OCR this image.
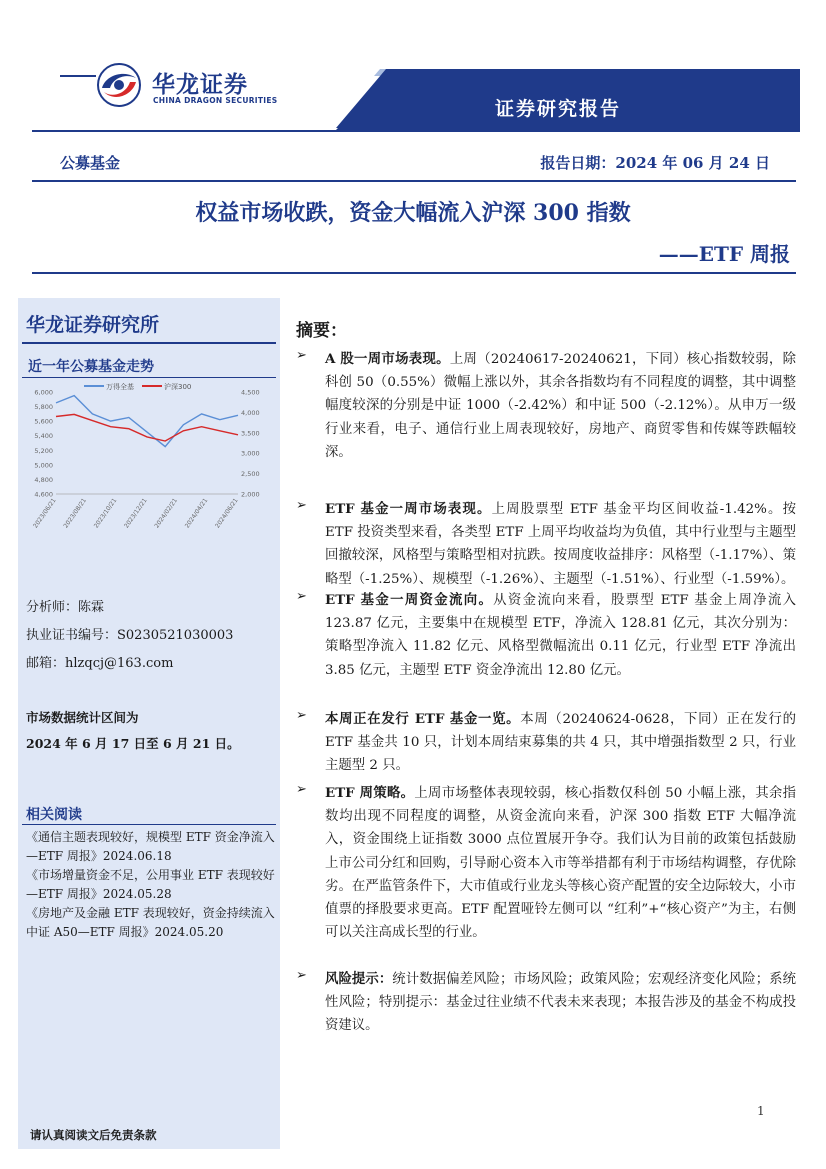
华龙证券
CHINA DRAGON SECURITIES	证券研究报告
公募基金	报告日期：2024 年 06 月 24 日
权益市场收跌，资金大幅流入沪深 300 指数
——ETF 周报
华龙证券研究所
近一年公募基金走势
4,600
4,800
5,000
5,200
5,400
5,600
5,800
6,000
2,000
2,500
3,000
3,500
4,000
4,500
2023/06/21 2023/08/21 2023/10/21 2023/12/21 2024/02/21 2024/04/21 2024/06/21
万得全基	沪深300
分析师：陈霖
执业证书编号：S0230521030003
邮箱：hlzqcj@163.com
市场数据统计区间为
2024 年 6 月 17 日至 6 月 21 日。
相关阅读
《通信主题表现较好，规模型 ETF 资金净流入—ETF 周报》2024.06.18
《市场增量资金不足，公用事业 ETF 表现较好—ETF 周报》2024.05.28
《房地产及金融 ETF 表现较好，资金持续流入中证 A50—ETF 周报》2024.05.20
请认真阅读文后免责条款
摘要：
➢ A 股一周市场表现。上周（20240617-20240621，下同）核心指数较弱，除科创 50（0.55%）微幅上涨以外，其余各指数均有不同程度的调整，其中调整幅度较深的分别是中证 1000（-2.42%）和中证 500（-2.12%）。从申万一级行业来看，电子、通信行业上周表现较好，房地产、商贸零售和传媒等跌幅较深。
➢ ETF 基金一周市场表现。上周股票型 ETF 基金平均区间收益-1.42%。按 ETF 投资类型来看，各类型 ETF 上周平均收益均为负值，其中行业型与主题型回撤较深，风格型与策略型相对抗跌。按周度收益排序：风格型（-1.17%）、策略型（-1.25%）、规模型（-1.26%）、主题型（-1.51%）、行业型（-1.59%）。
➢ ETF 基金一周资金流向。从资金流向来看，股票型 ETF 基金上周净流入 123.87 亿元，主要集中在规模型 ETF，净流入 128.81 亿元，其次分别为：策略型净流入 11.82 亿元、风格型微幅流出 0.11 亿元，行业型 ETF 净流出 3.85 亿元，主题型 ETF 资金净流出 12.80 亿元。
➢ 本周正在发行 ETF 基金一览。本周（20240624-0628，下同）正在发行的 ETF 基金共 10 只，计划本周结束募集的共 4 只，其中增强指数型 2 只，行业主题型 2 只。
➢ ETF 周策略。上周市场整体表现较弱，核心指数仅科创 50 小幅上涨，其余指数均出现不同程度的调整，从资金流向来看，沪深 300 指数 ETF 大幅净流入，资金围绕上证指数 3000 点位置展开争夺。我们认为目前的政策包括鼓励上市公司分红和回购，引导耐心资本入市等举措都有利于市场结构调整，存优除劣。在严监管条件下，大市值或行业龙头等核心资产配置的安全边际较大，小市值票的择股要求更高。ETF 配置哑铃左侧可以 “红利”+“核心资产”为主，右侧可以关注高成长型的行业。
➢ 风险提示：统计数据偏差风险；市场风险；政策风险；宏观经济变化风险；系统性风险；特别提示：基金过往业绩不代表未来表现；本报告涉及的基金不构成投资建议。
1
